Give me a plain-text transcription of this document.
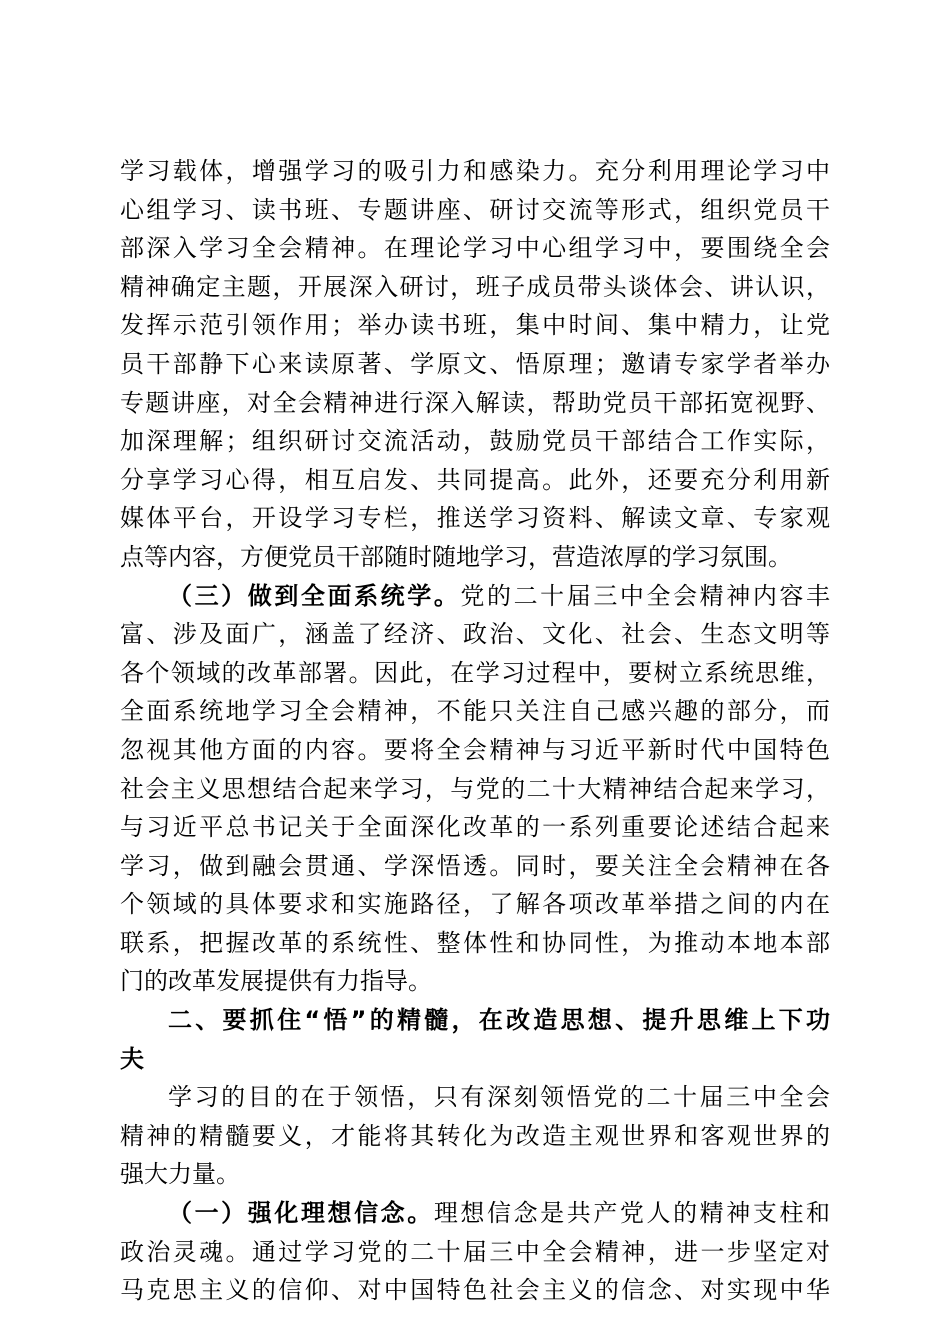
学习载体，增强学习的吸引力和感染力。充分利用理论学习中
心组学习、读书班、专题讲座、研讨交流等形式，组织党员干
部深入学习全会精神。在理论学习中心组学习中，要围绕全会
精神确定主题，开展深入研讨，班子成员带头谈体会、讲认识，
发挥示范引领作用；举办读书班，集中时间、集中精力，让党
员干部静下心来读原著、学原文、悟原理；邀请专家学者举办
专题讲座，对全会精神进行深入解读，帮助党员干部拓宽视野、
加深理解；组织研讨交流活动，鼓励党员干部结合工作实际，
分享学习心得，相互启发、共同提高。此外，还要充分利用新
媒体平台，开设学习专栏，推送学习资料、解读文章、专家观
点等内容，方便党员干部随时随地学习，营造浓厚的学习氛围。
（三）做到全面系统学。党的二十届三中全会精神内容丰
富、涉及面广，涵盖了经济、政治、文化、社会、生态文明等
各个领域的改革部署。因此，在学习过程中，要树立系统思维，
全面系统地学习全会精神，不能只关注自己感兴趣的部分，而
忽视其他方面的内容。要将全会精神与习近平新时代中国特色
社会主义思想结合起来学习，与党的二十大精神结合起来学习，
与习近平总书记关于全面深化改革的一系列重要论述结合起来
学习，做到融会贯通、学深悟透。同时，要关注全会精神在各
个领域的具体要求和实施路径，了解各项改革举措之间的内在
联系，把握改革的系统性、整体性和协同性，为推动本地本部
门的改革发展提供有力指导。
二、要抓住“悟”的精髓，在改造思想、提升思维上下功
夫
学习的目的在于领悟，只有深刻领悟党的二十届三中全会
精神的精髓要义，才能将其转化为改造主观世界和客观世界的
强大力量。
（一）强化理想信念。理想信念是共产党人的精神支柱和
政治灵魂。通过学习党的二十届三中全会精神，进一步坚定对
马克思主义的信仰、对中国特色社会主义的信念、对实现中华
